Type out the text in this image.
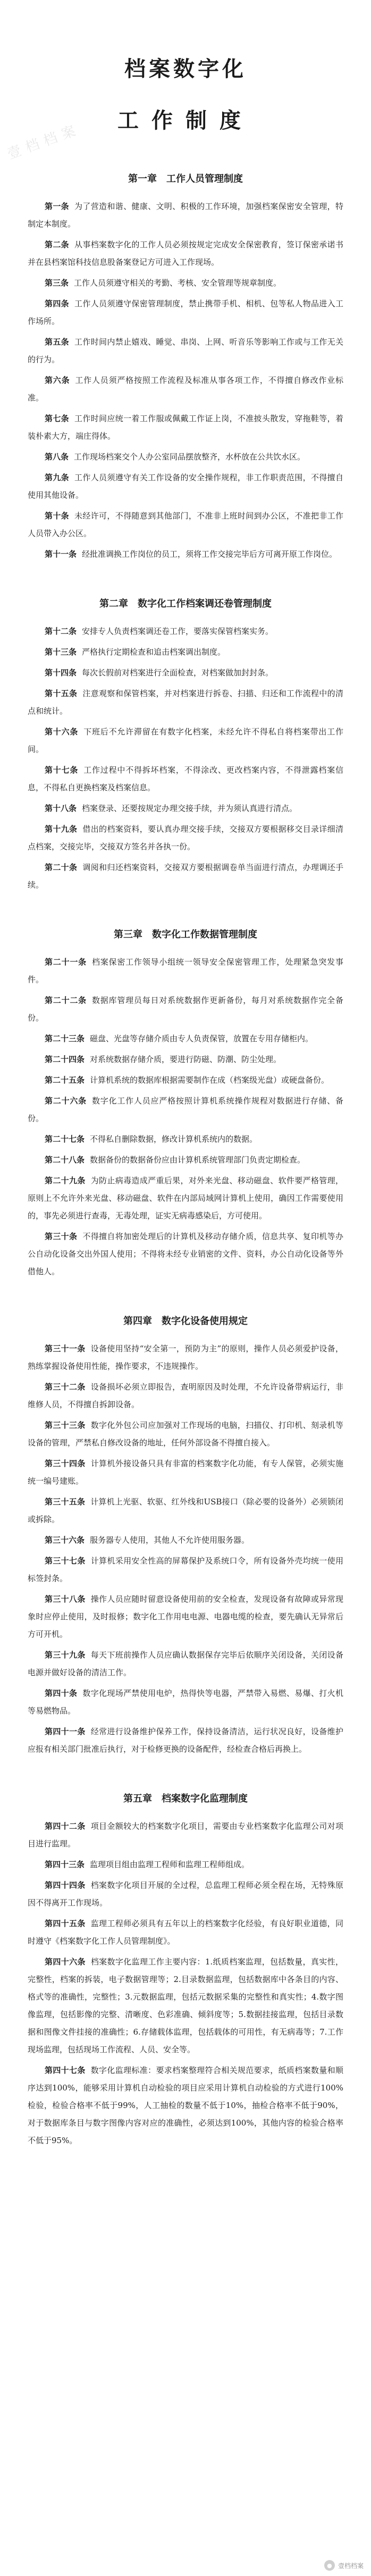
壹档档案
档案数字化
工作制度
第一章　工作人员管理制度

第一条 为了营造和谐、健康、文明、积极的工作环境，加强档案保密安全管理，特制定本制度。

第二条 从事档案数字化的工作人员必须按规定完成安全保密教育，签订保密承诺书并在县档案馆科技信息股备案登记方可进入工作现场。

第三条 工作人员须遵守相关的考勤、考核、安全管理等规章制度。

第四条 工作人员须遵守保密管理制度，禁止携带手机、相机、包等私人物品进入工作场所。

第五条 工作时间内禁止嬉戏、睡觉、串岗、上网、听音乐等影响工作或与工作无关的行为。

第六条 工作人员须严格按照工作流程及标准从事各项工作，不得擅自修改作业标准。

第七条 工作时间应统一着工作服或佩戴工作证上岗，不准披头散发，穿拖鞋等，着装朴素大方，端庄得体。

第八条 工作现场档案交个人办公室同品摆放整齐，水杯放在公共饮水区。

第九条 工作人员须遵守有关工作设备的安全操作规程，非工作职责范围，不得擅自使用其他设备。

第十条 未经许可，不得随意到其他部门，不准非上班时间到办公区，不准把非工作人员带入办公区。

第十一条 经批准调换工作岗位的员工，须将工作交接完毕后方可离开原工作岗位。

第二章　数字化工作档案调还卷管理制度

第十二条 安排专人负责档案调还卷工作，要落实保管档案实务。

第十三条 严格执行定期检查和追击档案调出制度。

第十四条 每次长假前对档案进行全面检查，对档案做加封封条。

第十五条 注意观察和保管档案，并对档案进行拆卷、扫描、归还和工作流程中的清点和统计。

第十六条 下班后不允许滞留在有数字化档案，未经允许不得私自将档案带出工作间。

第十七条 工作过程中不得拆坏档案，不得涂改、更改档案内容，不得泄露档案信息，不得私自更换档案及档案信息。

第十八条 档案登录、还要按规定办理交接手续，并为须认真进行清点。

第十九条 借出的档案资料，要认真办理交接手续，交接双方要根据移交目录详细清点档案，交接完毕，交接双方签名并各执一份。

第二十条 调阅和归还档案资料，交接双方要根据调卷单当面进行清点，办理调还手续。

第三章　数字化工作数据管理制度

第二十一条 档案保密工作领导小组统一领导安全保密管理工作，处理紧急突发事件。

第二十二条 数据库管理员每日对系统数据作更新备份，每月对系统数据作完全备份。

第二十三条 磁盘、光盘等存储介质由专人负责保管，放置在专用存储柜内。

第二十四条 对系统数据存储介质，要进行防磁、防潮、防尘处理。

第二十五条 计算机系统的数据库根据需要制作在成（档案级光盘）或硬盘备份。

第二十六条 数字化工作人员应严格按照计算机系统操作规程对数据进行存储、备份。

第二十七条 不得私自删除数据，修改计算机系统内的数据。

第二十八条 数据备份的数据备份应由计算机系统管理部门负责定期检查。

第二十九条 为防止病毒造成严重后果，对外来光盘、移动磁盘、软件要严格管理，原则上不允许外来光盘、移动磁盘、软件在内部局域网计算机上使用，确因工作需要使用的，事先必须进行查毒，无毒处理，证实无病毒感染后，方可使用。

第三十条 不得擅自将加密处理后的计算机及移动存储介质，信息共享、复印机等办公自动化设备交出外国人使用；不得将未经专业销密的文件、资料，办公自动化设备等外借他人。

第四章　数字化设备使用规定

第三十一条 设备使用坚持“安全第一，预防为主”的原则，操作人员必须爱护设备，熟练掌握设备使用性能，操作要求，不违规操作。

第三十二条 设备损坏必须立即报告，查明原因及时处理，不允许设备带病运行，非维修人员，不得擅自拆卸设备。

第三十三条 数字化外包公司应加强对工作现场的电脑，扫描仪、打印机、刻录机等设备的管理，严禁私自修改设备的地址，任何外部设备不得擅自接入。

第三十四条 计算机外接设备只具有非富的档案数字化功能，有专人保管，必须实施统一编号建账。

第三十五条 计算机上光驱、软驱、红外线和USB接口（除必要的设备外）必须锁闭或拆除。

第三十六条 服务器专人使用，其他人不允许使用服务器。

第三十七条 计算机采用安全性高的屏幕保护及系统口令，所有设备外壳均统一使用标签封条。

第三十八条 操作人员应随时留意设备使用前的安全检查，发现设备有故障或异常现象时应停止使用，及时报修；数字化工作用电电源、电器电缆的检查，要先确认无异常后方可开机。

第三十九条 每天下班前操作人员应确认数据保存完毕后依顺序关闭设备，关闭设备电源并做好设备的清洁工作。

第四十条 数字化现场严禁使用电炉，热得快等电器，严禁带入易燃、易爆、打火机等易燃物品。

第四十一条 经常进行设备维护保养工作，保持设备清洁，运行状况良好，设备维护应报有相关部门批准后执行，对于检修更换的设备配件，经检查合格后再换上。

第五章　档案数字化监理制度

第四十二条 项目金额较大的档案数字化项目，需要由专业档案数字化监理公司对项目进行监理。

第四十三条 监理项目组由监理工程师和监理工程师组成。

第四十四条 档案数字化项目开展的全过程，总监理工程师必须全程在场，无特殊原因不得离开工作现场。

第四十五条 监理工程师必须具有五年以上的档案数字化经验，有良好职业道德，同时遵守《档案数字化工作人员管理制度》。

第四十六条 档案数字化监理工作主要内容：1.纸质档案监理，包括数量，真实性，完整性，档案的拆装，电子数据管理等；2.目录数据监理，包括数据库中各条目的内容、格式等的准确性，完整性；3.元数据监理，包括元数据采集的完整性和真实性；4.数字图像监理，包括影像的完整、清晰度、色彩准确、倾斜度等；5.数据挂接监理，包括目录数据和图像文件挂接的准确性；6.存储载体监理，包括载体的可用性，有无病毒等；7.工作现场监理，包括现场工作流程、人员、安全等。

第四十七条 数字化监理标准：要求档案整理符合相关规范要求，纸质档案数量和顺序达到100%，能够采用计算机自动检验的项目应采用计算机自动检验的方式进行100%检验，检验合格率不低于99%，人工抽检的数量不低于10%，抽检合格率不低于90%，对于数据库条目与数字图像内容对应的准确性，必须达到100%，其他内容的检验合格率不低于95%。

● 壹档档案
